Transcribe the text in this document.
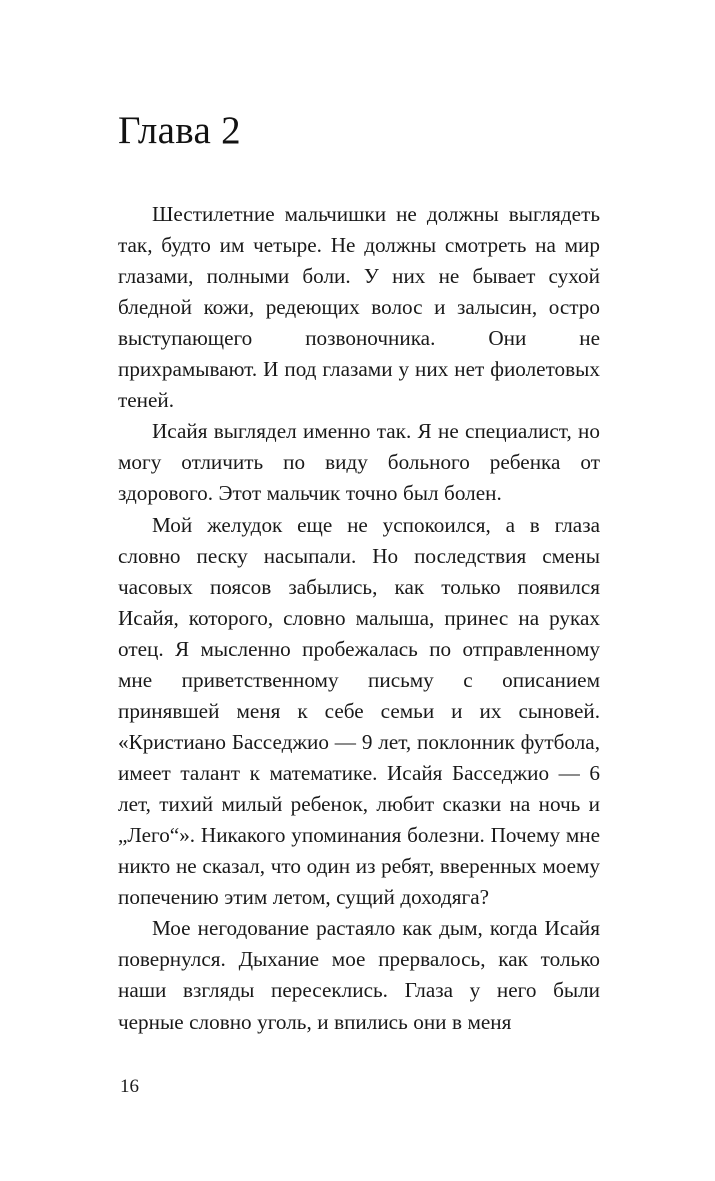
Глава 2

Шестилетние мальчишки не должны выглядеть так, будто им четыре. Не должны смотреть на мир глазами, полными боли. У них не бывает сухой бледной кожи, редеющих волос и залысин, остро выступающего позвоночника. Они не прихрамывают. И под глазами у них нет фиолетовых теней.

Исайя выглядел именно так. Я не специалист, но могу отличить по виду больного ребенка от здорового. Этот мальчик точно был болен.

Мой желудок еще не успокоился, а в глаза словно песку насыпали. Но последствия смены часовых поясов забылись, как только появился Исайя, которого, словно малыша, принес на руках отец. Я мысленно пробежалась по отправленному мне приветственному письму с описанием принявшей меня к себе семьи и их сыновей. «Кристиано Басседжио — 9 лет, поклонник футбола, имеет талант к математике. Исайя Басседжио — 6 лет, тихий милый ребенок, любит сказки на ночь и „Лего“». Никакого упоминания болезни. Почему мне никто не сказал, что один из ребят, вверенных моему попечению этим летом, сущий доходяга?

Мое негодование растаяло как дым, когда Исайя повернулся. Дыхание мое прервалось, как только наши взгляды пересеклись. Глаза у него были черные словно уголь, и впились они в меня

16
